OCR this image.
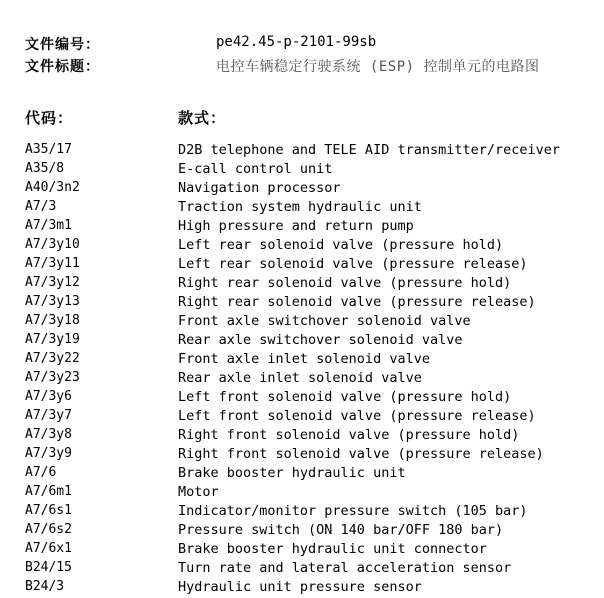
文件编号：	pe42.45-p-2101-99sb
文件标题：	电控车辆稳定行驶系统 (ESP) 控制单元的电路图
代码：	款式：
A35/17	D2B telephone and TELE AID transmitter/receiver
A35/8	E-call control unit
A40/3n2	Navigation processor
A7/3	Traction system hydraulic unit
A7/3m1	High pressure and return pump
A7/3y10	Left rear solenoid valve (pressure hold)
A7/3y11	Left rear solenoid valve (pressure release)
A7/3y12	Right rear solenoid valve (pressure hold)
A7/3y13	Right rear solenoid valve (pressure release)
A7/3y18	Front axle switchover solenoid valve
A7/3y19	Rear axle switchover solenoid valve
A7/3y22	Front axle inlet solenoid valve
A7/3y23	Rear axle inlet solenoid valve
A7/3y6	Left front solenoid valve (pressure hold)
A7/3y7	Left front solenoid valve (pressure release)
A7/3y8	Right front solenoid valve (pressure hold)
A7/3y9	Right front solenoid valve (pressure release)
A7/6	Brake booster hydraulic unit
A7/6m1	Motor
A7/6s1	Indicator/monitor pressure switch (105 bar)
A7/6s2	Pressure switch (ON 140 bar/OFF 180 bar)
A7/6x1	Brake booster hydraulic unit connector
B24/15	Turn rate and lateral acceleration sensor
B24/3	Hydraulic unit pressure sensor
